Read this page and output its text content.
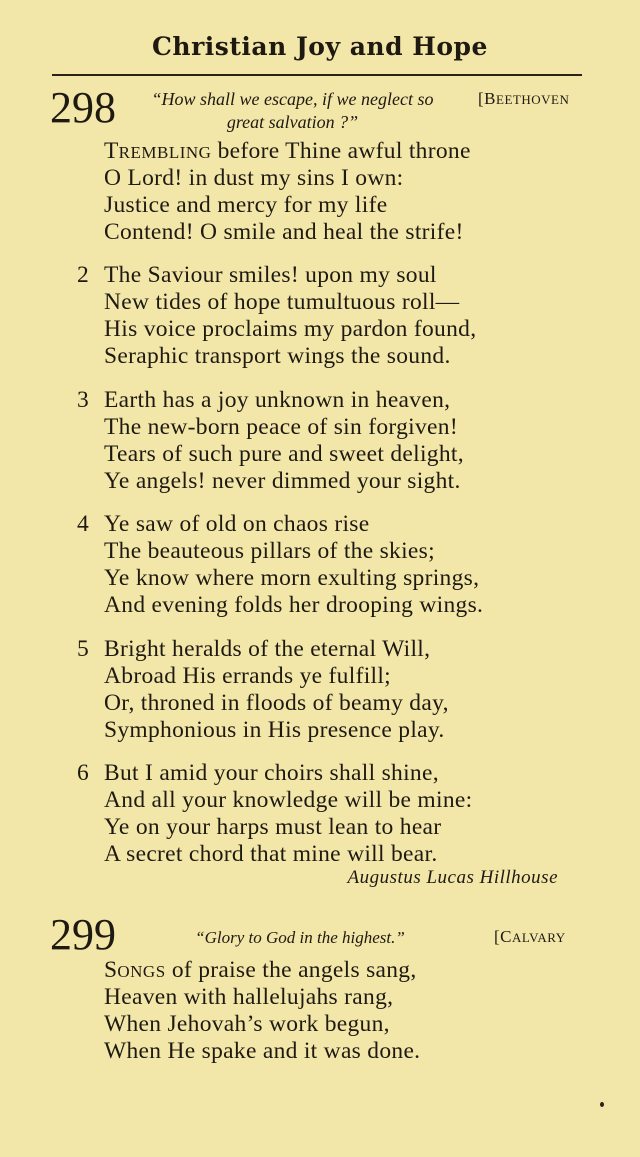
Christian Joy and Hope
298	“How shall we escape, if we neglect so
great salvation ?”
[BEETHOVEN
TREMBLING before Thine awful throne
O Lord! in dust my sins I own:
Justice and mercy for my life
Contend! O smile and heal the strife!
2 The Saviour smiles! upon my soul
New tides of hope tumultuous roll—
His voice proclaims my pardon found,
Seraphic transport wings the sound.
3 Earth has a joy unknown in heaven,
The new-born peace of sin forgiven!
Tears of such pure and sweet delight,
Ye angels! never dimmed your sight.
4 Ye saw of old on chaos rise
The beauteous pillars of the skies;
Ye know where morn exulting springs,
And evening folds her drooping wings.
5 Bright heralds of the eternal Will,
Abroad His errands ye fulfill;
Or, throned in floods of beamy day,
Symphonious in His presence play.
6 But I amid your choirs shall shine,
And all your knowledge will be mine:
Ye on your harps must lean to hear
A secret chord that mine will bear.
Augustus Lucas Hillhouse
299	“Glory to God in the highest.”	[CALVARY
SONGS of praise the angels sang,
Heaven with hallelujahs rang,
When Jehovah’s work begun,
When He spake and it was done.
